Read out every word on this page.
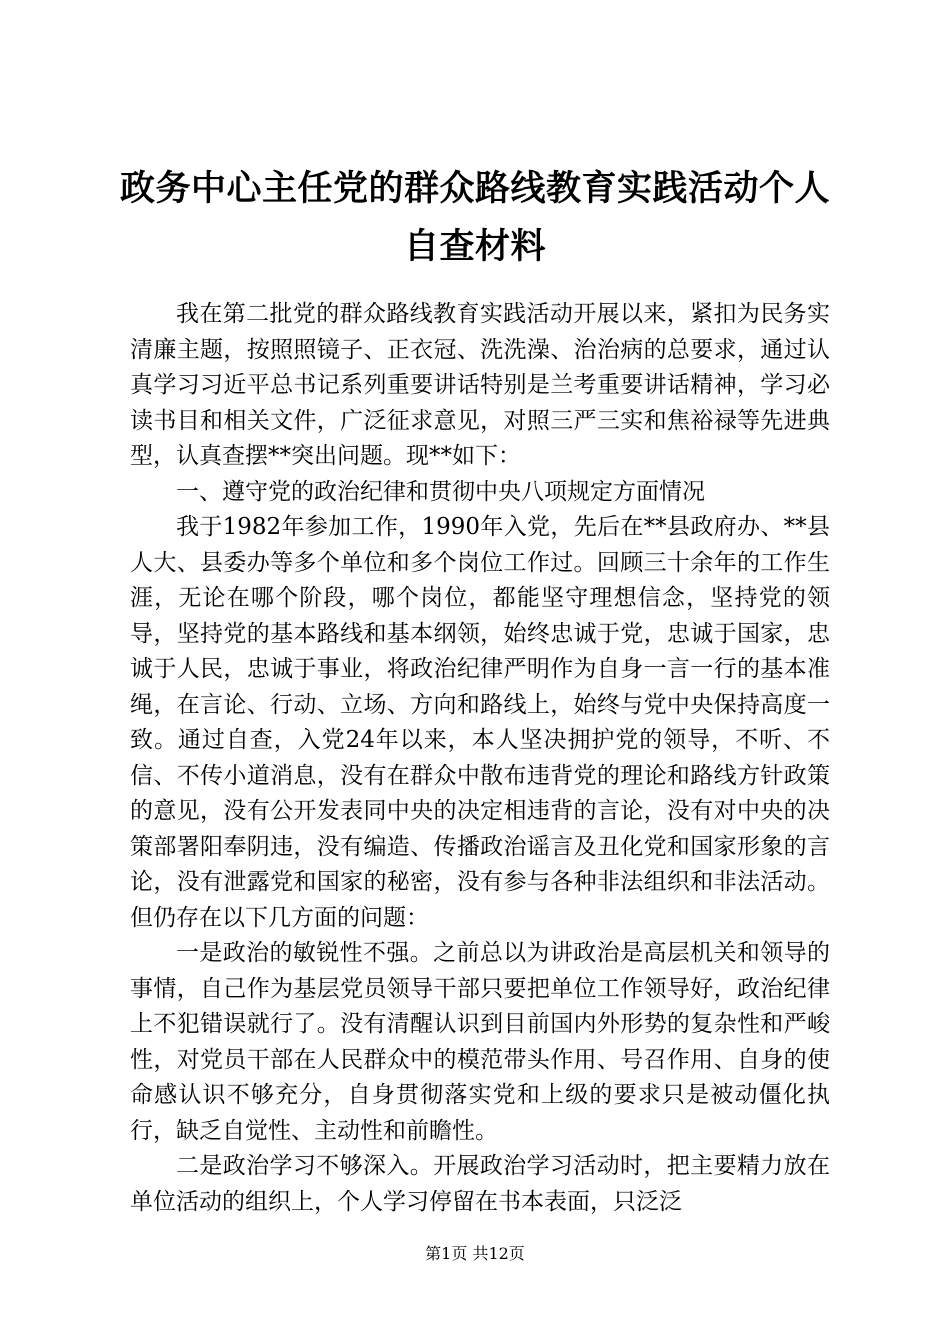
政务中心主任党的群众路线教育实践活动个人自查材料

我在第二批党的群众路线教育实践活动开展以来，紧扣为民务实清廉主题，按照照镜子、正衣冠、洗洗澡、治治病的总要求，通过认真学习习近平总书记系列重要讲话特别是兰考重要讲话精神，学习必读书目和相关文件，广泛征求意见，对照三严三实和焦裕禄等先进典型，认真查摆**突出问题。现**如下：

一、遵守党的政治纪律和贯彻中央八项规定方面情况

我于1982年参加工作，1990年入党，先后在**县政府办、**县人大、县委办等多个单位和多个岗位工作过。回顾三十余年的工作生涯，无论在哪个阶段，哪个岗位，都能坚守理想信念，坚持党的领导，坚持党的基本路线和基本纲领，始终忠诚于党，忠诚于国家，忠诚于人民，忠诚于事业，将政治纪律严明作为自身一言一行的基本准绳，在言论、行动、立场、方向和路线上，始终与党中央保持高度一致。通过自查，入党24年以来，本人坚决拥护党的领导，不听、不信、不传小道消息，没有在群众中散布违背党的理论和路线方针政策的意见，没有公开发表同中央的决定相违背的言论，没有对中央的决策部署阳奉阴违，没有编造、传播政治谣言及丑化党和国家形象的言论，没有泄露党和国家的秘密，没有参与各种非法组织和非法活动。但仍存在以下几方面的问题：

一是政治的敏锐性不强。之前总以为讲政治是高层机关和领导的事情，自己作为基层党员领导干部只要把单位工作领导好，政治纪律上不犯错误就行了。没有清醒认识到目前国内外形势的复杂性和严峻性，对党员干部在人民群众中的模范带头作用、号召作用、自身的使命感认识不够充分，自身贯彻落实党和上级的要求只是被动僵化执行，缺乏自觉性、主动性和前瞻性。

二是政治学习不够深入。开展政治学习活动时，把主要精力放在单位活动的组织上，个人学习停留在书本表面，只泛泛

第1页 共12页
